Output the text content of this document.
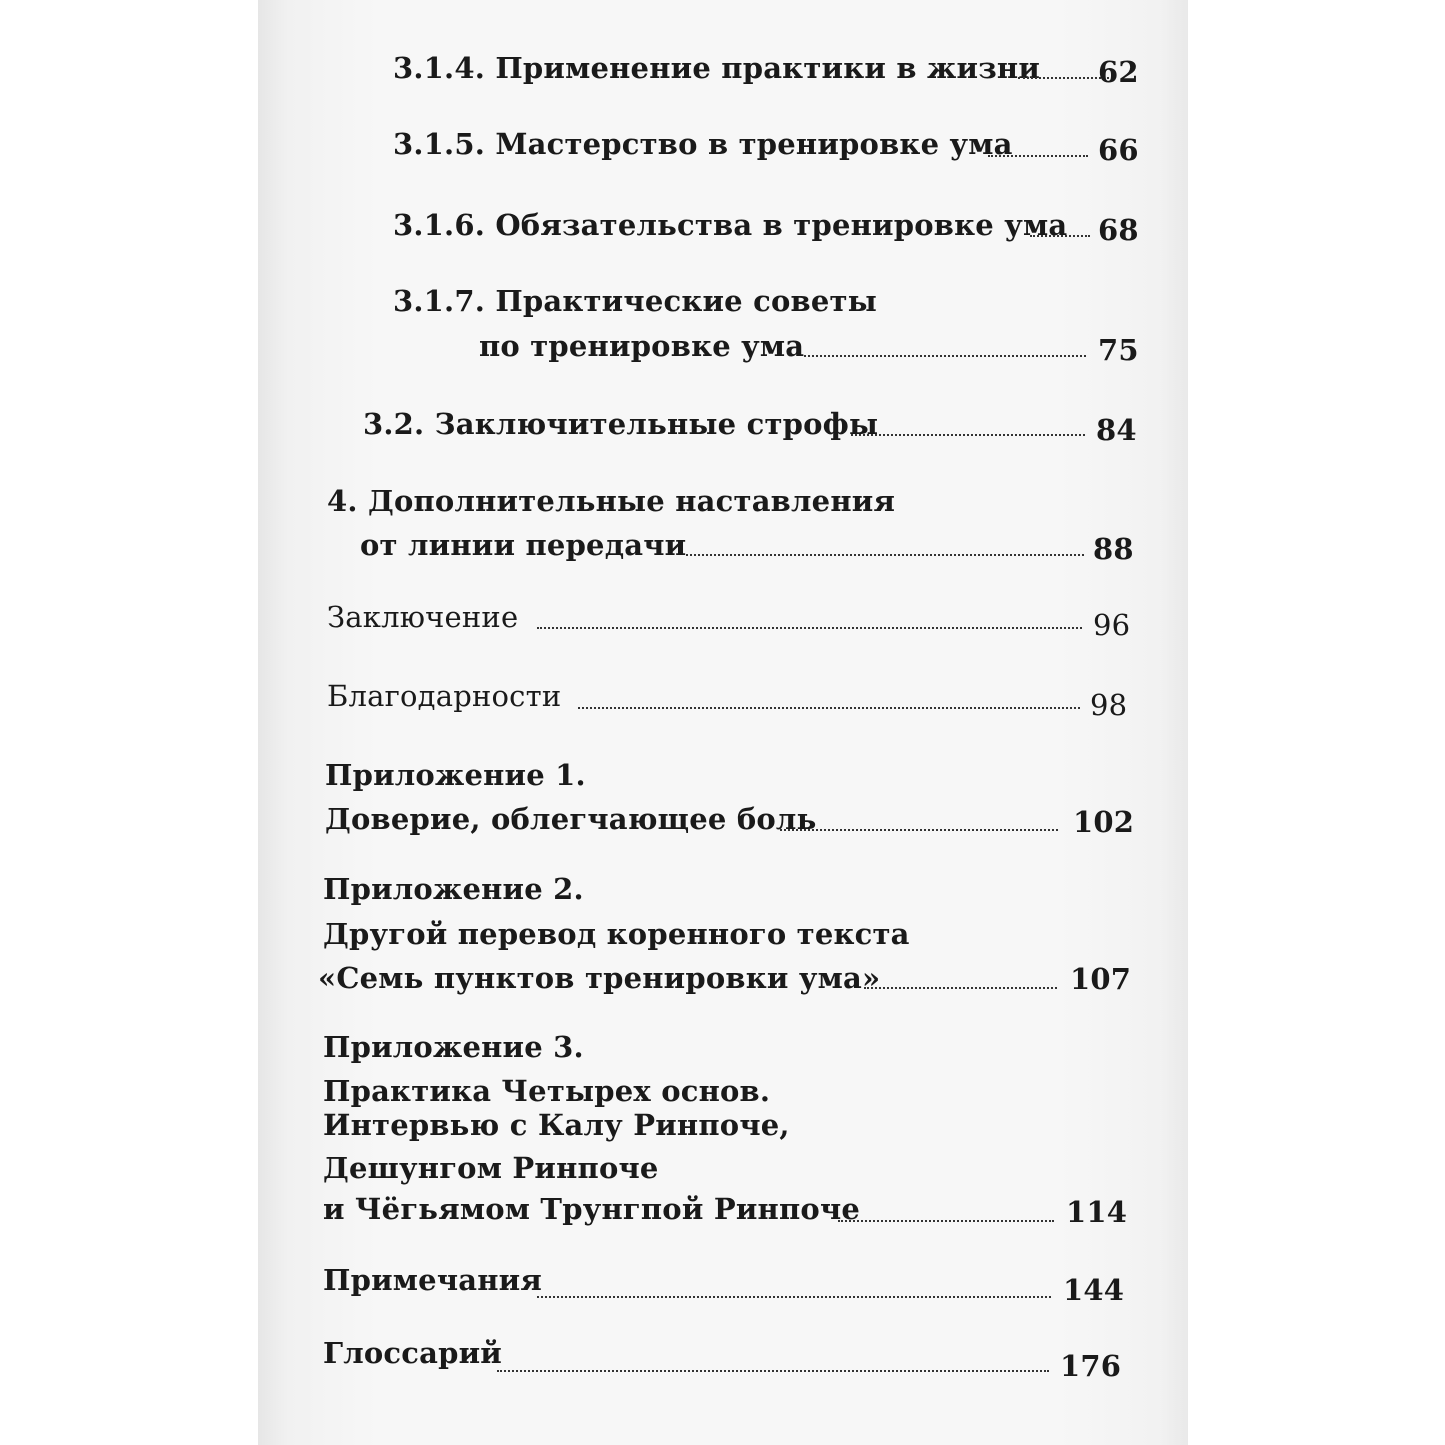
3.1.4. Применение практики в жизни 62
3.1.5. Мастерство в тренировке ума	66
3.1.6. Обязательства в тренировке ума 68
3.1.7. Практические советы
по тренировке ума	75
3.2. Заключительные строфы	84
4. Дополнительные наставления
от линии передачи	88
Заключение	96
Благодарности	98
Приложение 1.
Доверие, облегчающее боль	102
Приложение 2.
Другой перевод коренного текста
«Семь пунктов тренировки ума»	107
Приложение 3.
Практика Четырех основ.
Интервью с Калу Ринпоче,
Дешунгом Ринпоче
и Чёгьямом Трунгпой Ринпоче	114
Примечания	144
Глоссарий	176
